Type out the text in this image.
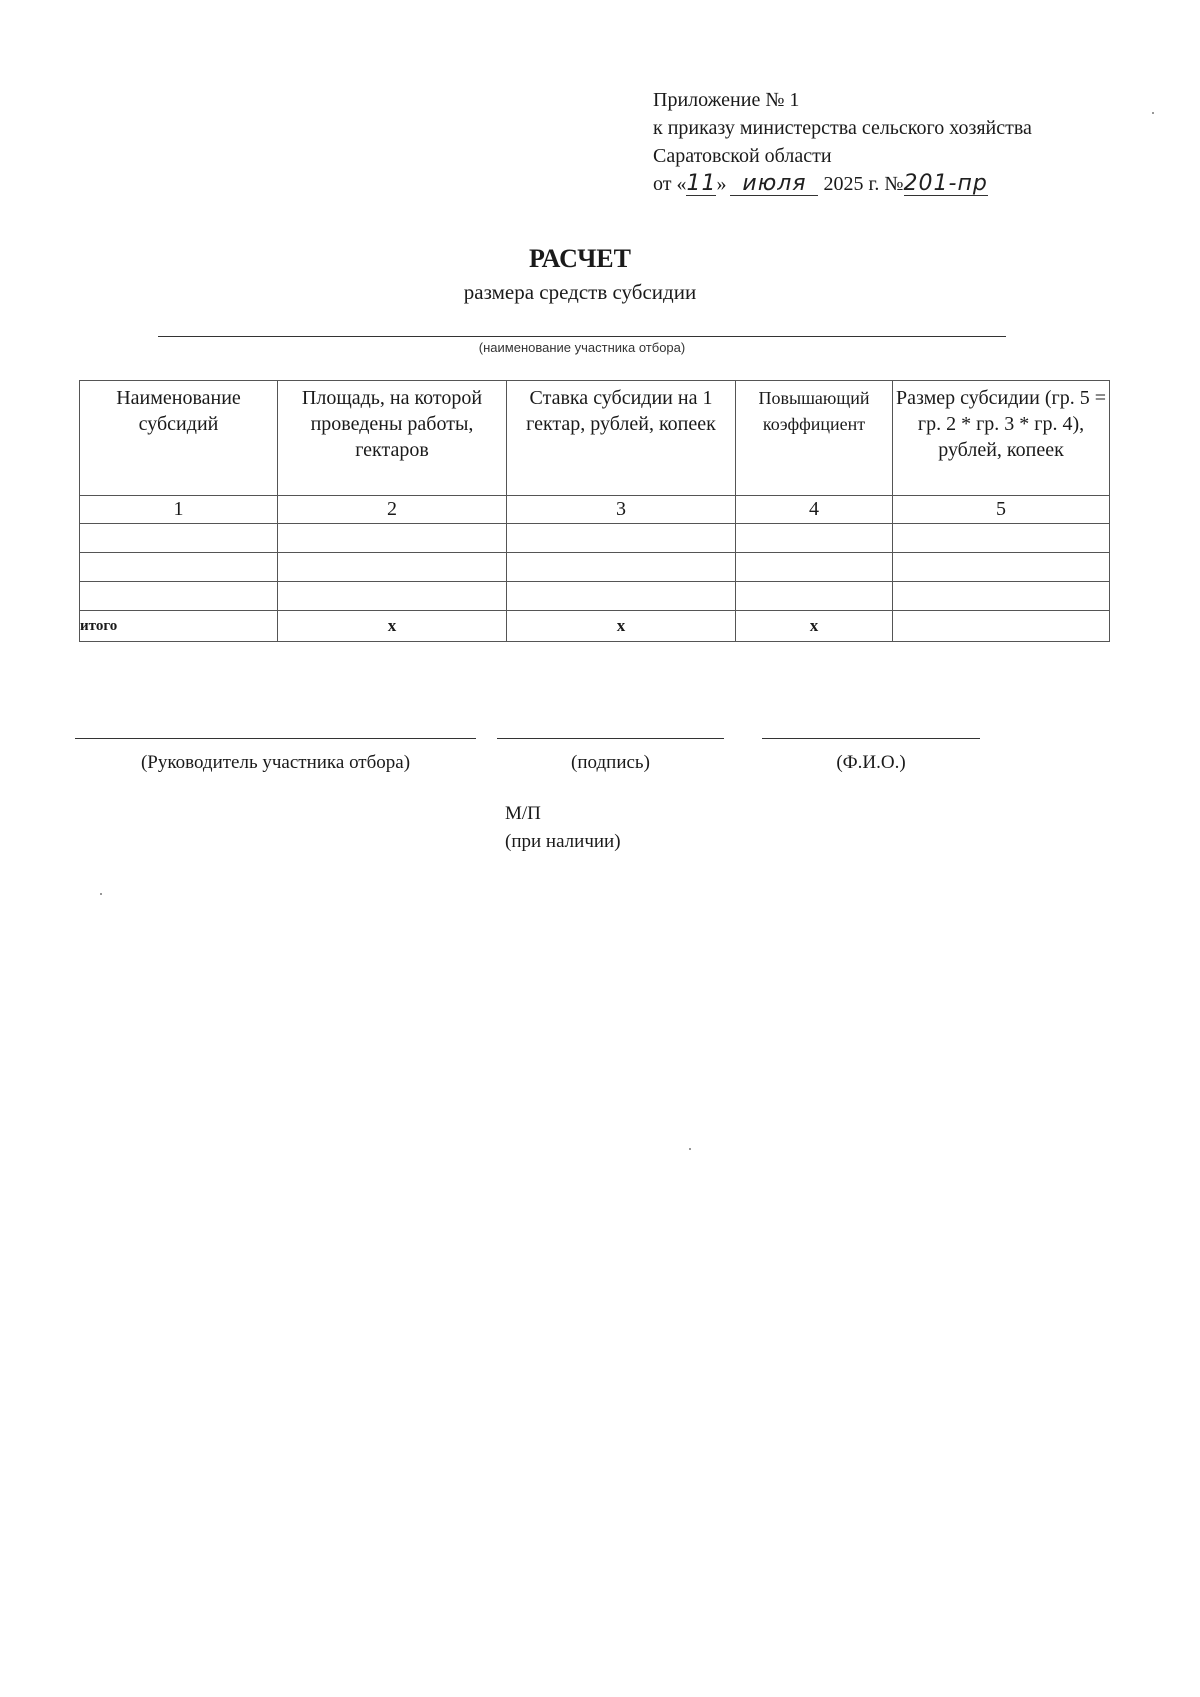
Приложение № 1
к приказу министерства сельского хозяйства
Саратовской области
от «11» июля 2025 г. №201-пр
РАСЧЕТ
размера средств субсидии
(наименование участника отбора)
Наименование субсидий	Площадь, на которой проведены работы, гектаров	Ставка субсидии на 1 гектар, рублей, копеек	Повышающий коэффициент	Размер субсидии (гр. 5 = гр. 2 * гр. 3 * гр. 4), рублей, копеек
1	2	3	4	5

итого	x	x	x	
(Руководитель участника отбора)	(подпись)	(Ф.И.О.)
М/П
(при наличии)
